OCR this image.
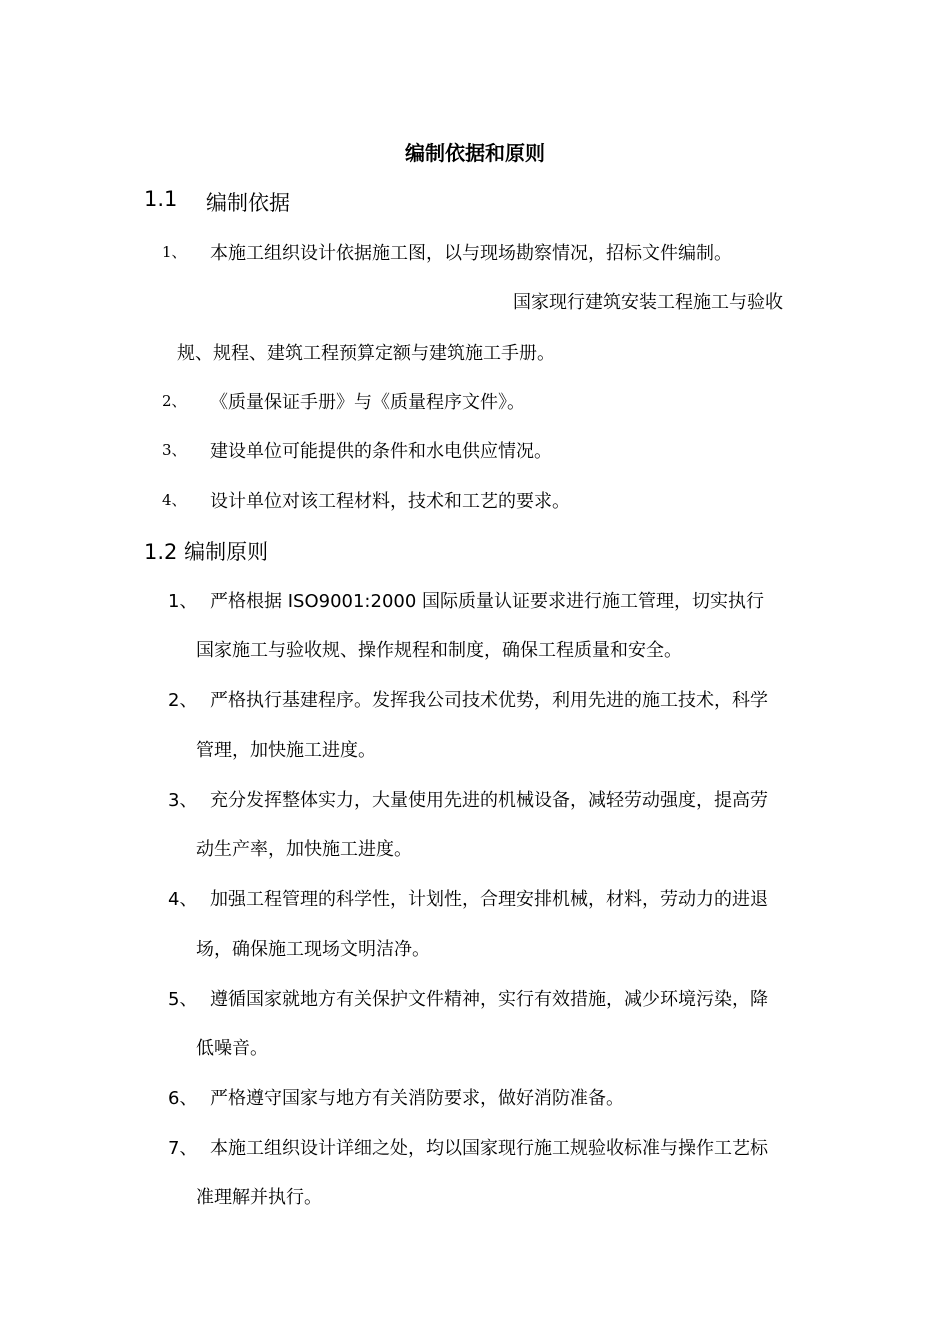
编制依据和原则
1.1 编制依据
1、 本施工组织设计依据施工图，以与现场勘察情况，招标文件编制。
国家现行建筑安装工程施工与验收
规、规程、建筑工程预算定额与建筑施工手册。
2、 《质量保证手册》与《质量程序文件》。
3、 建设单位可能提供的条件和水电供应情况。
4、 设计单位对该工程材料，技术和工艺的要求。
1.2 编制原则
1、 严格根据 ISO9001:2000 国际质量认证要求进行施工管理，切实执行
国家施工与验收规、操作规程和制度，确保工程质量和安全。
2、 严格执行基建程序。发挥我公司技术优势，利用先进的施工技术，科学
管理，加快施工进度。
3、 充分发挥整体实力，大量使用先进的机械设备，减轻劳动强度，提高劳
动生产率，加快施工进度。
4、 加强工程管理的科学性，计划性，合理安排机械，材料，劳动力的进退
场，确保施工现场文明洁净。
5、 遵循国家就地方有关保护文件精神，实行有效措施，减少环境污染，降
低噪音。
6、 严格遵守国家与地方有关消防要求，做好消防准备。
7、 本施工组织设计详细之处，均以国家现行施工规验收标准与操作工艺标
准理解并执行。
